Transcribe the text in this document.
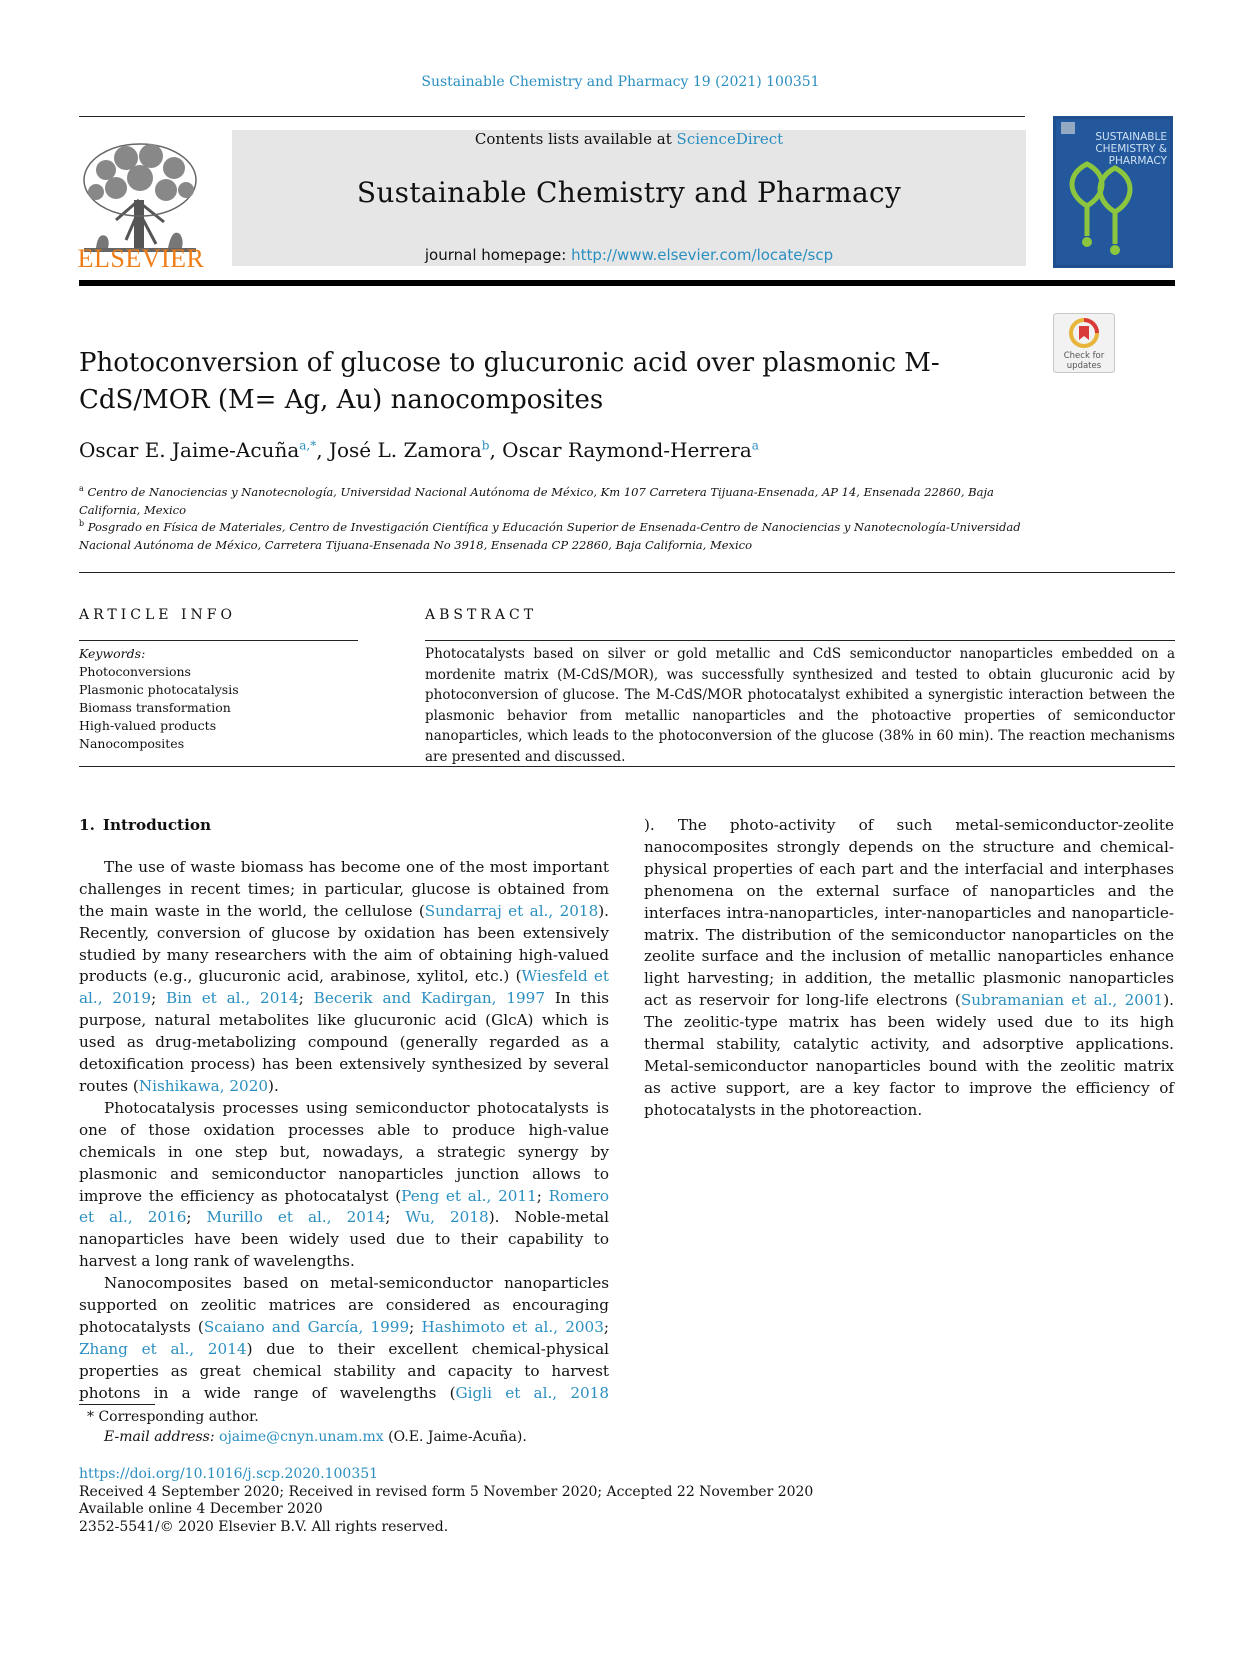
Sustainable Chemistry and Pharmacy 19 (2021) 100351
ELSEVIER
Contents lists available at ScienceDirect
Sustainable Chemistry and Pharmacy
journal homepage: http://www.elsevier.com/locate/scp
SUSTAINABLE
CHEMISTRY &
PHARMACY
Check for
updates
Photoconversion of glucose to glucuronic acid over plasmonic M-CdS/MOR (M= Ag, Au) nanocomposites
Oscar E. Jaime-Acuña$^{a,*}$, José L. Zamora$^b$, Oscar Raymond-Herrera$^a$
$^a$ Centro de Nanociencias y Nanotecnología, Universidad Nacional Autónoma de México, Km 107 Carretera Tijuana-Ensenada, AP 14, Ensenada 22860, Baja California, Mexico
$^b$ Posgrado en Física de Materiales, Centro de Investigación Científica y Educación Superior de Ensenada-Centro de Nanociencias y Nanotecnología-Universidad Nacional Autónoma de México, Carretera Tijuana-Ensenada No 3918, Ensenada CP 22860, Baja California, Mexico
ARTICLE INFO	ABSTRACT
Keywords:
Photoconversions
Plasmonic photocatalysis
Biomass transformation
High-valued products
Nanocomposites
Photocatalysts based on silver or gold metallic and CdS semiconductor nanoparticles embedded on a mordenite matrix (M-CdS/MOR), was successfully synthesized and tested to obtain glucuronic acid by photoconversion of glucose. The M-CdS/MOR photocatalyst exhibited a synergistic interaction between the plasmonic behavior from metallic nanoparticles and the photoactive properties of semiconductor nanoparticles, which leads to the photoconversion of the glucose (38% in 60 min). The reaction mechanisms are presented and discussed.
1. Introduction

The use of waste biomass has become one of the most important challenges in recent times; in particular, glucose is obtained from the main waste in the world, the cellulose (Sundarraj et al., 2018). Recently, conversion of glucose by oxidation has been extensively studied by many researchers with the aim of obtaining high-valued products (e.g., glucuronic acid, arabinose, xylitol, etc.) (Wiesfeld et al., 2019; Bin et al., 2014; Becerik and Kadirgan, 1997 In this purpose, natural metabolites like glucuronic acid (GlcA) which is used as drug-metabolizing compound (generally regarded as a detoxification process) has been extensively synthesized by several routes (Nishikawa, 2020).

Photocatalysis processes using semiconductor photocatalysts is one of those oxidation processes able to produce high-value chemicals in one step but, nowadays, a strategic synergy by plasmonic and semiconductor nanoparticles junction allows to improve the efficiency as photocatalyst (Peng et al., 2011; Romero et al., 2016; Murillo et al., 2014; Wu, 2018). Noble-metal nanoparticles have been widely used due to their capability to harvest a long rank of wavelengths.

Nanocomposites based on metal-semiconductor nanoparticles supported on zeolitic matrices are considered as encouraging photocatalysts (Scaiano and García, 1999; Hashimoto et al., 2003; Zhang et al., 2014) due to their excellent chemical-physical properties as great chemical stability and capacity to harvest photons in a wide range of wavelengths (Gigli et al., 2018

). The photo-activity of such metal-semiconductor-zeolite nanocomposites strongly depends on the structure and chemical-physical properties of each part and the interfacial and interphases phenomena on the external surface of nanoparticles and the interfaces intra-nanoparticles, inter-nanoparticles and nanoparticle-matrix. The distribution of the semiconductor nanoparticles on the zeolite surface and the inclusion of metallic nanoparticles enhance light harvesting; in addition, the metallic plasmonic nanoparticles act as reservoir for long-life electrons (Subramanian et al., 2001). The zeolitic-type matrix has been widely used due to its high thermal stability, catalytic activity, and adsorptive applications. Metal-semiconductor nanoparticles bound with the zeolitic matrix as active support, are a key factor to improve the efficiency of photocatalysts in the photoreaction.

* Corresponding author.
E-mail address: ojaime@cnyn.unam.mx (O.E. Jaime-Acuña).
https://doi.org/10.1016/j.scp.2020.100351
Received 4 September 2020; Received in revised form 5 November 2020; Accepted 22 November 2020
Available online 4 December 2020
2352-5541/© 2020 Elsevier B.V. All rights reserved.
